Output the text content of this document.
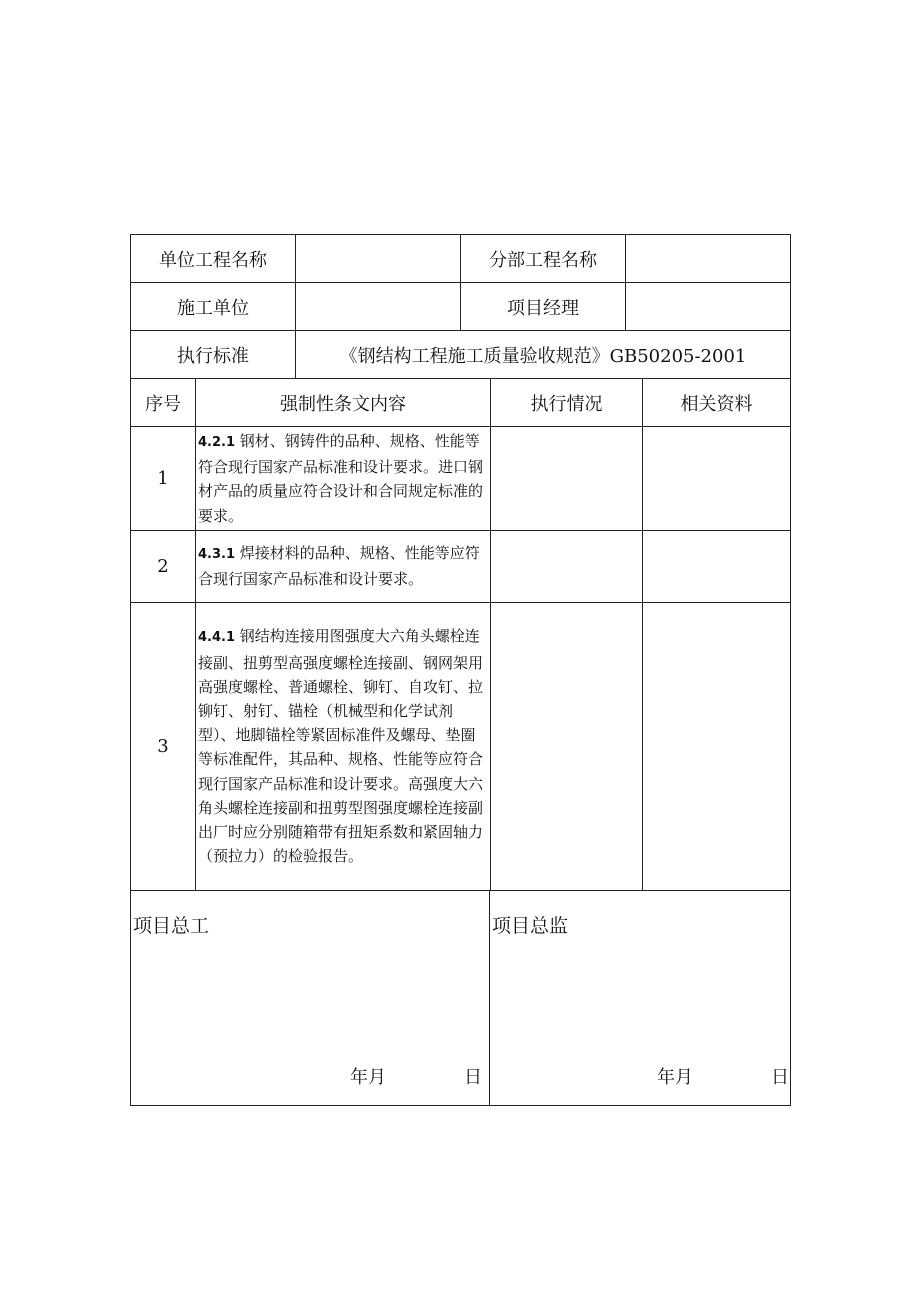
单位工程名称		分部工程名称	
施工单位		项目经理	
执行标准	《钢结构工程施工质量验收规范》GB50205-2001		
序号	强制性条文内容	执行情况	相关资料
1	4.2.1 钢材、钢铸件的品种、规格、性能等符合现行国家产品标准和设计要求。进口钢材产品的质量应符合设计和合同规定标准的要求。		
2	4.3.1 焊接材料的品种、规格、性能等应符合现行国家产品标准和设计要求。		
3	4.4.1 钢结构连接用图强度大六角头螺栓连接副、扭剪型高强度螺栓连接副、钢网架用高强度螺栓、普通螺栓、铆钉、自攻钉、拉铆钉、射钉、锚栓（机械型和化学试剂型）、地脚锚栓等紧固标准件及螺母、垫圈等标准配件，其品种、规格、性能等应符合现行国家产品标准和设计要求。高强度大六角头螺栓连接副和扭剪型图强度螺栓连接副出厂时应分别随箱带有扭矩系数和紧固轴力（预拉力）的检验报告。		
项目总工
年月	日

项目总监
年月	日
